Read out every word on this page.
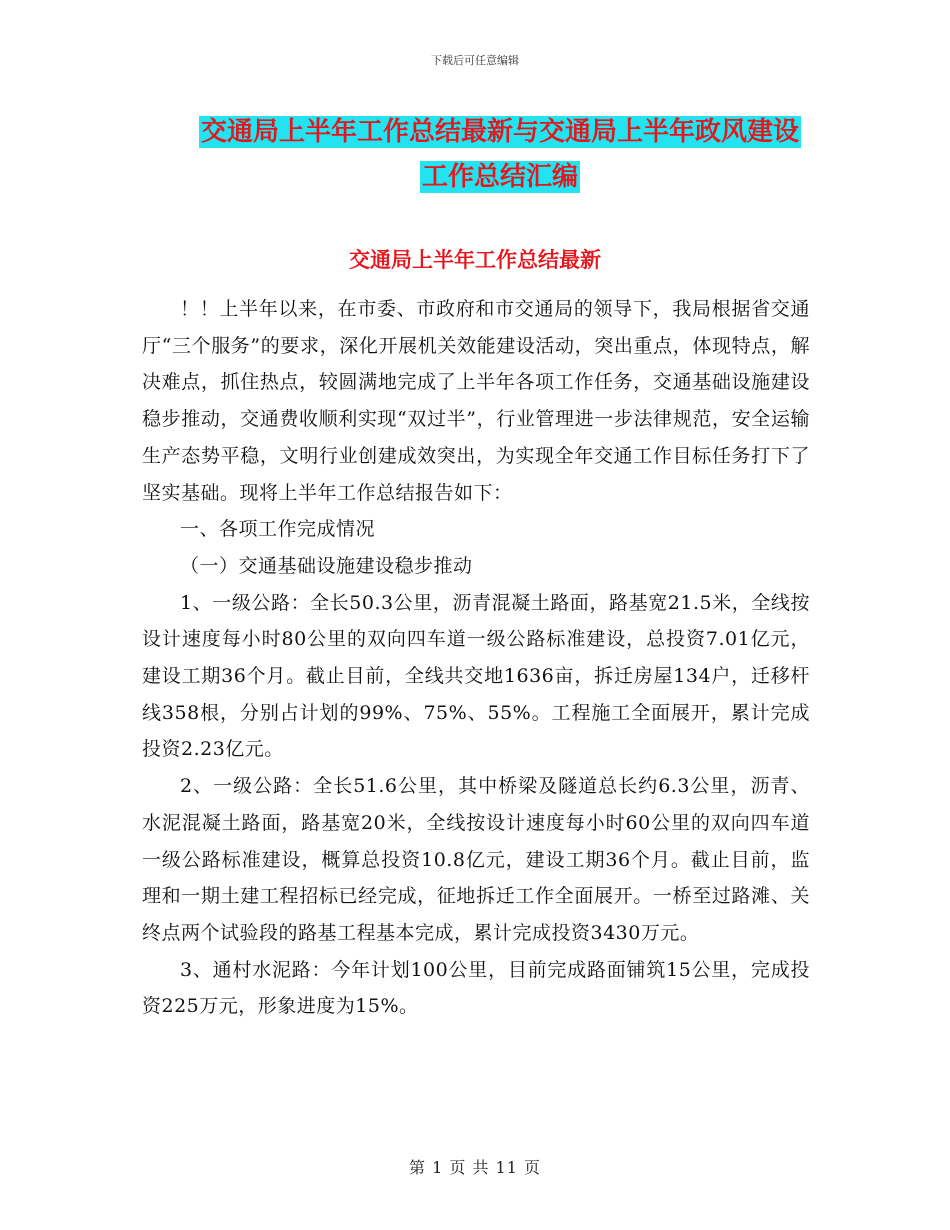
下载后可任意编辑
交通局上半年工作总结最新与交通局上半年政风建设
工作总结汇编
交通局上半年工作总结最新

！！上半年以来，在市委、市政府和市交通局的领导下，我局根据省交通厅“三个服务”的要求，深化开展机关效能建设活动，突出重点，体现特点，解决难点，抓住热点，较圆满地完成了上半年各项工作任务，交通基础设施建设稳步推动，交通费收顺利实现“双过半”，行业管理进一步法律规范，安全运输生产态势平稳，文明行业创建成效突出，为实现全年交通工作目标任务打下了坚实基础。现将上半年工作总结报告如下：

一、各项工作完成情况

（一）交通基础设施建设稳步推动

1、一级公路：全长50.3公里，沥青混凝土路面，路基宽21.5米，全线按设计速度每小时80公里的双向四车道一级公路标准建设，总投资7.01亿元，建设工期36个月。截止目前，全线共交地1636亩，拆迁房屋134户，迁移杆线358根，分别占计划的99%、75%、55%。工程施工全面展开，累计完成投资2.23亿元。

2、一级公路：全长51.6公里，其中桥梁及隧道总长约6.3公里，沥青、水泥混凝土路面，路基宽20米，全线按设计速度每小时60公里的双向四车道一级公路标准建设，概算总投资10.8亿元，建设工期36个月。截止目前，监理和一期土建工程招标已经完成，征地拆迁工作全面展开。一桥至过路滩、关终点两个试验段的路基工程基本完成，累计完成投资3430万元。

3、通村水泥路：今年计划100公里，目前完成路面铺筑15公里，完成投资225万元，形象进度为15%。

第 1 页 共 11 页
